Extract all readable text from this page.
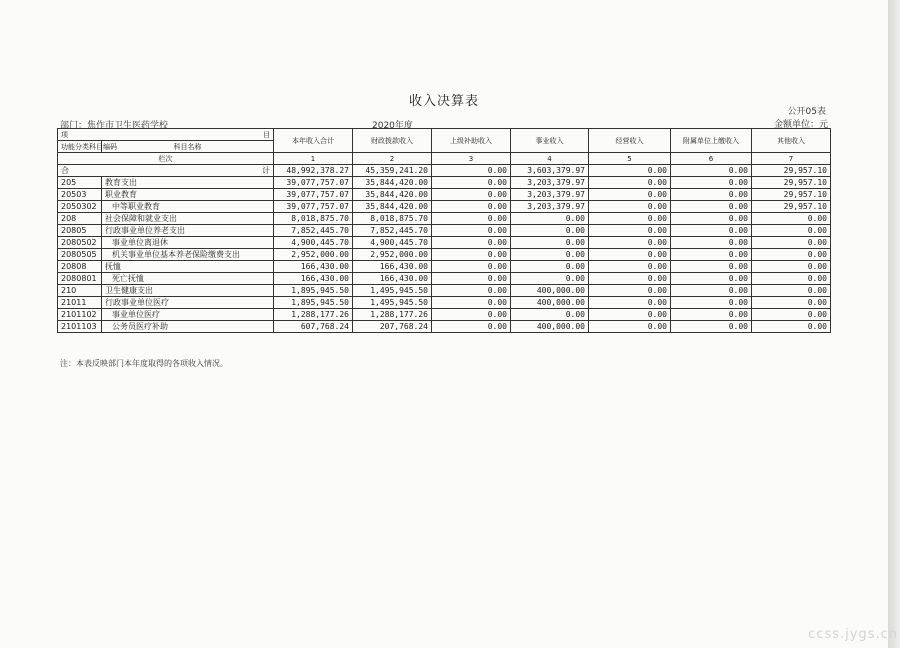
收入决算表
公开05表
部门：焦作市卫生医药学校	2020年度	金额单位：元
项 目		本年收入合计	财政拨款收入	上级补助收入	事业收入	经营收入	附属单位上缴收入	其他收入
功能分类科目编码	科目名称							
栏次		1	2	3	4	5	6	7

合 计		48,992,378.27	45,359,241.20	0.00	3,603,379.97	0.00	0.00	29,957.10
205	教育支出	39,077,757.07	35,844,420.00	0.00	3,203,379.97	0.00	0.00	29,957.10
20503	职业教育	39,077,757.07	35,844,420.00	0.00	3,203,379.97	0.00	0.00	29,957.10
2050302	中等职业教育	39,077,757.07	35,844,420.00	0.00	3,203,379.97	0.00	0.00	29,957.10
208	社会保障和就业支出	8,018,875.70	8,018,875.70	0.00	0.00	0.00	0.00	0.00
20805	行政事业单位养老支出	7,852,445.70	7,852,445.70	0.00	0.00	0.00	0.00	0.00
2080502	事业单位离退休	4,900,445.70	4,900,445.70	0.00	0.00	0.00	0.00	0.00
2080505	机关事业单位基本养老保险缴费支出	2,952,000.00	2,952,000.00	0.00	0.00	0.00	0.00	0.00
20808	抚恤	166,430.00	166,430.00	0.00	0.00	0.00	0.00	0.00
2080801	死亡抚恤	166,430.00	166,430.00	0.00	0.00	0.00	0.00	0.00
210	卫生健康支出	1,895,945.50	1,495,945.50	0.00	400,000.00	0.00	0.00	0.00
21011	行政事业单位医疗	1,895,945.50	1,495,945.50	0.00	400,000.00	0.00	0.00	0.00
2101102	事业单位医疗	1,288,177.26	1,288,177.26	0.00	0.00	0.00	0.00	0.00
2101103	公务员医疗补助	607,768.24	207,768.24	0.00	400,000.00	0.00	0.00	0.00
注：本表反映部门本年度取得的各项收入情况。
ccss.jygs.cn
